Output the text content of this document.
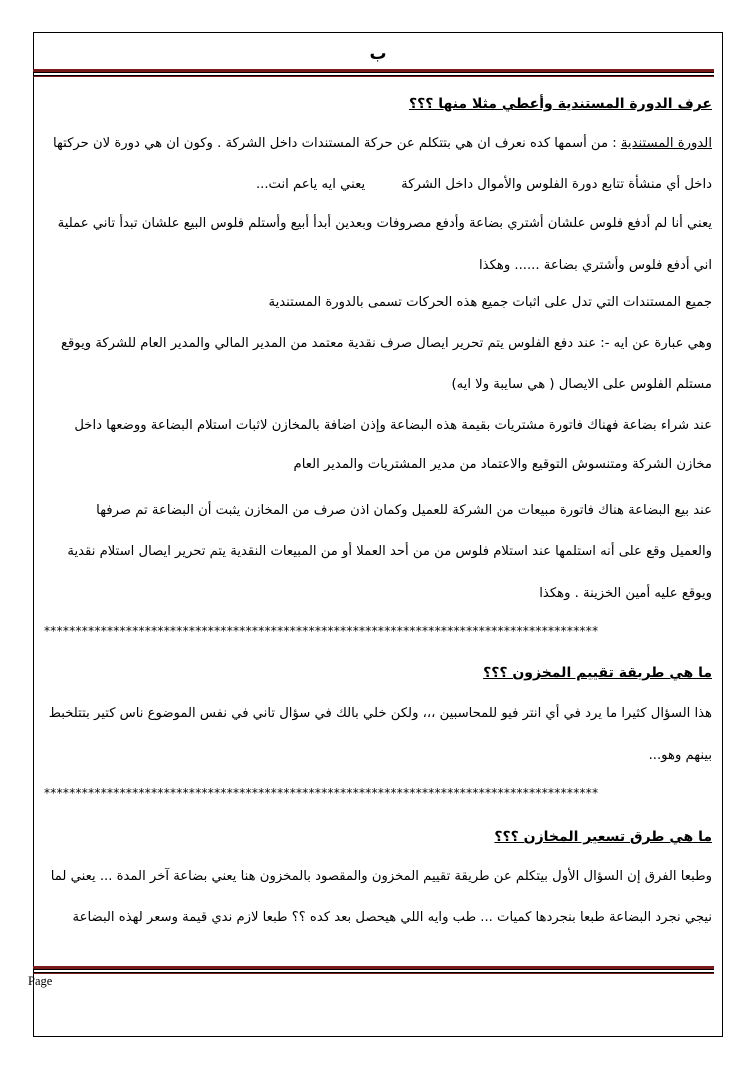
ب
عرف الدورة المستندية وأعطي مثلا منها ؟؟؟
الدورة المستندية : من أسمها كده نعرف ان هي بتتكلم عن حركة المستندات داخل الشركة . وكون ان هي دورة لان حركتها
داخل أي منشأة تتابع دورة الفلوس والأموال داخل الشركةيعني ايه ياعم انت...
يعني أنا لم أدفع فلوس علشان أشتري بضاعة وأدفع مصروفات وبعدين أبدأ أبيع وأستلم فلوس البيع علشان تبدأ تاني عملية
اني أدفع فلوس وأشتري بضاعة ...... وهكذا
جميع المستندات التي تدل على اثبات جميع هذه الحركات تسمى بالدورة المستندية
وهي عبارة عن ايه -: عند دفع الفلوس يتم تحرير ايصال صرف نقدية معتمد من المدير المالي والمدير العام للشركة ويوقع
مستلم الفلوس على الايصال ( هي سايبة ولا ايه)
عند شراء بضاعة فهناك فاتورة مشتريات بقيمة هذه البضاعة وإذن اضافة بالمخازن لاثبات استلام البضاعة ووضعها داخل
مخازن الشركة ومتنسوش التوقيع والاعتماد من مدير المشتريات والمدير العام
عند بيع البضاعة هناك فاتورة مبيعات من الشركة للعميل وكمان اذن صرف من المخازن يثبت أن البضاعة تم صرفها
والعميل وقع على أنه استلمها عند استلام فلوس من من أحد العملا أو من المبيعات النقدية يتم تحرير ايصال استلام نقدية
ويوقع عليه أمين الخزينة . وهكذا
****************************************************************************************
ما هي طريقة تقييم المخزون ؟؟؟
هذا السؤال كثيرا ما يرد في أي انتر فيو للمحاسبين ،،، ولكن خلي بالك في سؤال تاني في نفس الموضوع ناس كتير بتتلخبط
بينهم وهو...
****************************************************************************************
ما هي طرق تسعير المخازن ؟؟؟
وطبعا الفرق إن السؤال الأول بيتكلم عن طريقة تقييم المخزون والمقصود بالمخزون هنا يعني بضاعة آخر المدة ... يعني لما
نيجي نجرد البضاعة طبعا بنجردها كميات ... طب وايه اللي هيحصل بعد كده ؟؟ طبعا لازم ندي قيمة وسعر لهذه البضاعة
Page
